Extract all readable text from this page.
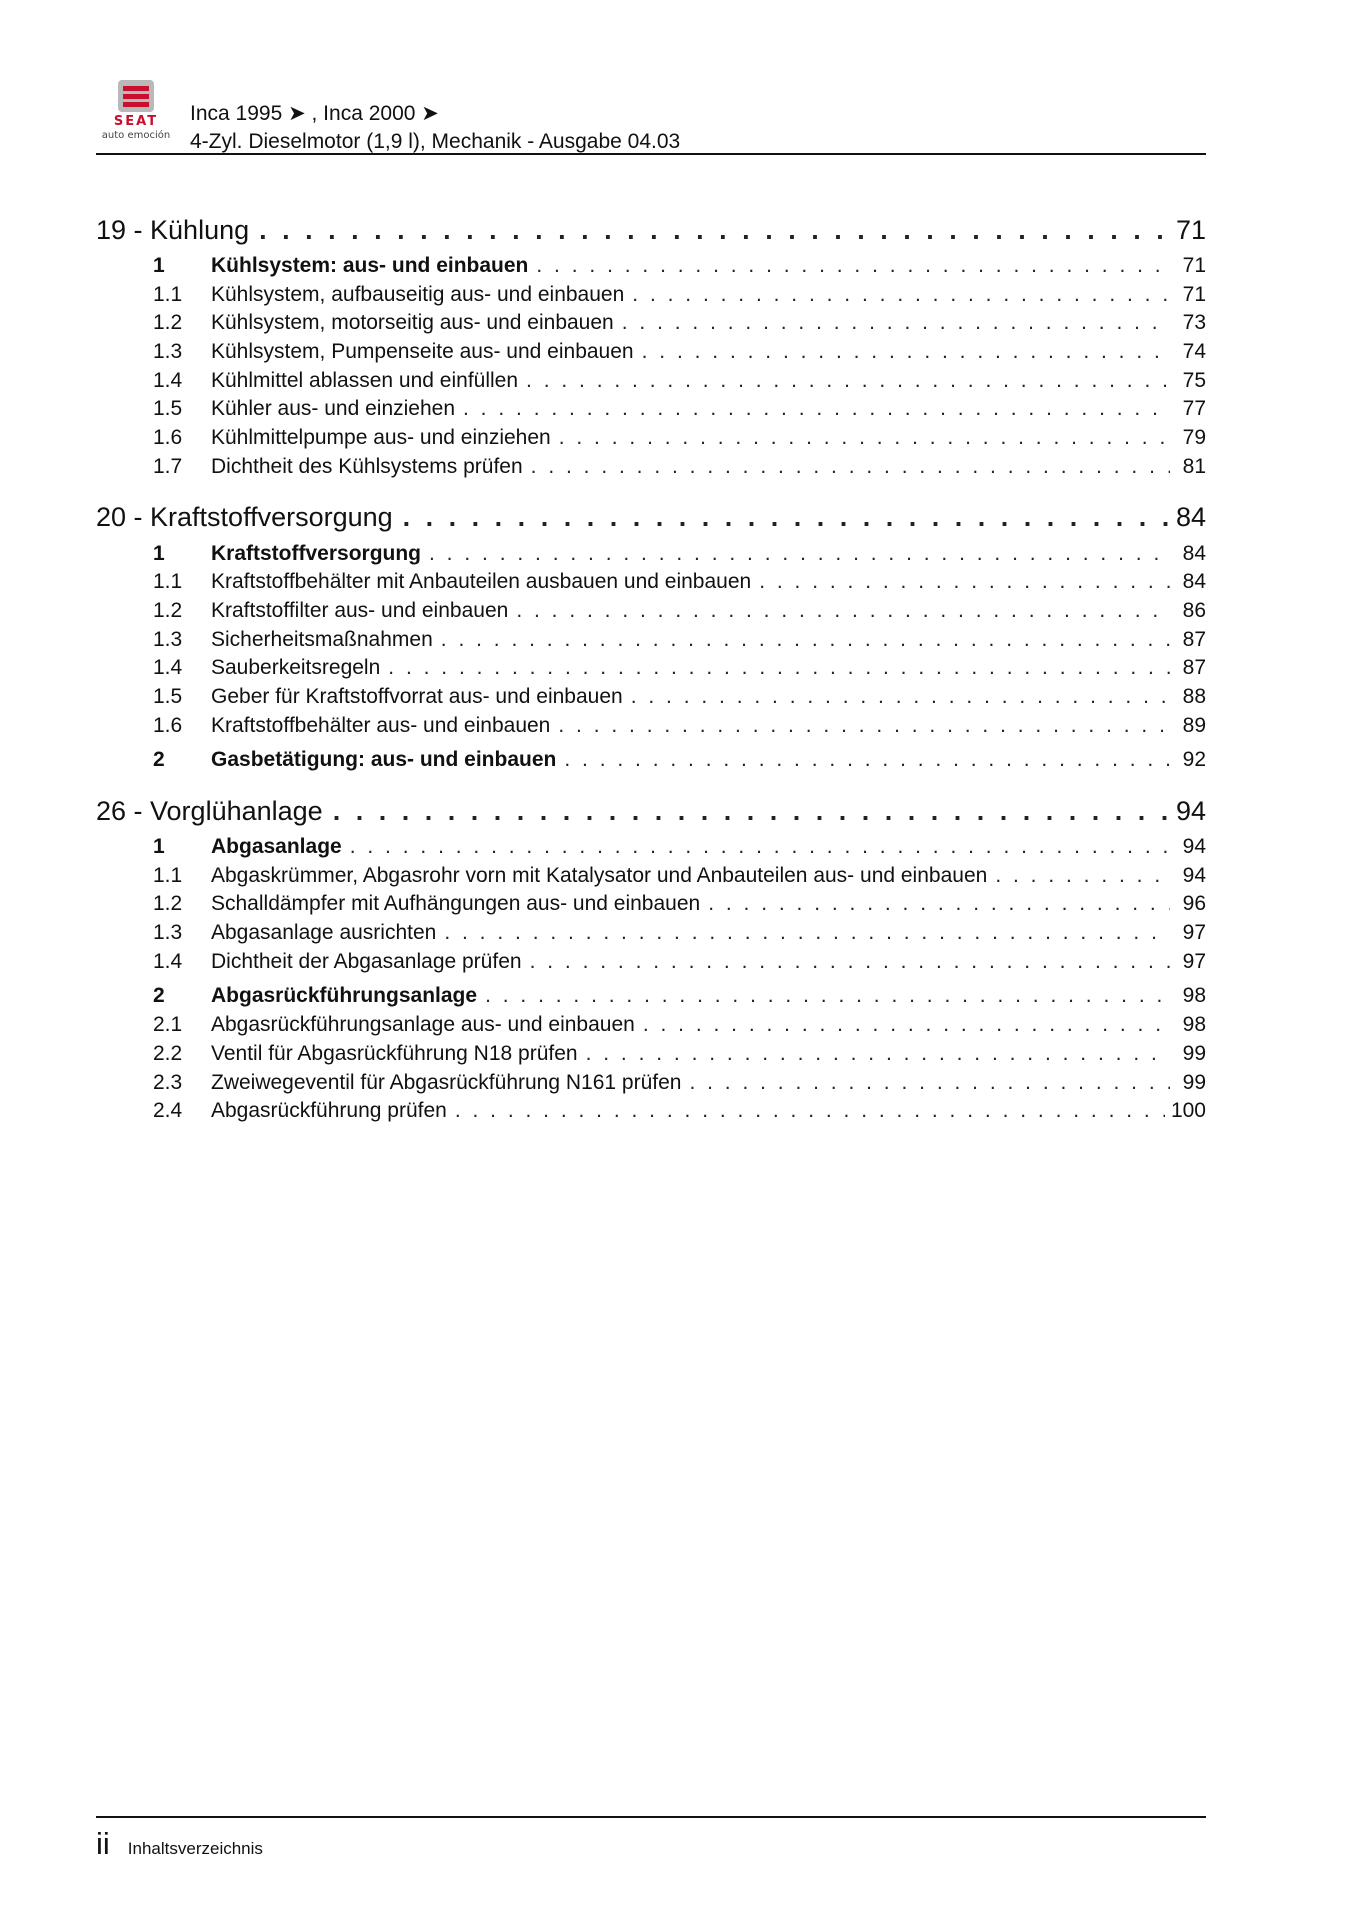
SEAT
auto emoción
Inca 1995 ➤ , Inca 2000 ➤
4-Zyl. Dieselmotor (1,9 l), Mechanik - Ausgabe 04.03
19 - Kühlung . . .	71
1	Kühlsystem: aus- und einbauen . . .	71
1.1	Kühlsystem, aufbauseitig aus- und einbauen . . .	71
1.2	Kühlsystem, motorseitig aus- und einbauen . . .	73
1.3	Kühlsystem, Pumpenseite aus- und einbauen . . .	74
1.4	Kühlmittel ablassen und einfüllen . . .	75
1.5	Kühler aus- und einziehen . . .	77
1.6	Kühlmittelpumpe aus- und einziehen . . .	79
1.7	Dichtheit des Kühlsystems prüfen . . .	81
20 - Kraftstoffversorgung . . .	84
1	Kraftstoffversorgung . . .	84
1.1	Kraftstoffbehälter mit Anbauteilen ausbauen und einbauen . . .	84
1.2	Kraftstoffilter aus- und einbauen . . .	86
1.3	Sicherheitsmaßnahmen . . .	87
1.4	Sauberkeitsregeln . . .	87
1.5	Geber für Kraftstoffvorrat aus- und einbauen . . .	88
1.6	Kraftstoffbehälter aus- und einbauen . . .	89
2	Gasbetätigung: aus- und einbauen . . .	92
26 - Vorglühanlage . . .	94
1	Abgasanlage . . .	94
1.1	Abgaskrümmer, Abgasrohr vorn mit Katalysator und Anbauteilen aus- und einbauen . . .	94
1.2	Schalldämpfer mit Aufhängungen aus- und einbauen . . .	96
1.3	Abgasanlage ausrichten . . .	97
1.4	Dichtheit der Abgasanlage prüfen . . .	97
2	Abgasrückführungsanlage . . .	98
2.1	Abgasrückführungsanlage aus- und einbauen . . .	98
2.2	Ventil für Abgasrückführung N18 prüfen . . .	99
2.3	Zweiwegeventil für Abgasrückführung N161 prüfen . . .	99
2.4	Abgasrückführung prüfen . . .	100
ii Inhaltsverzeichnis
